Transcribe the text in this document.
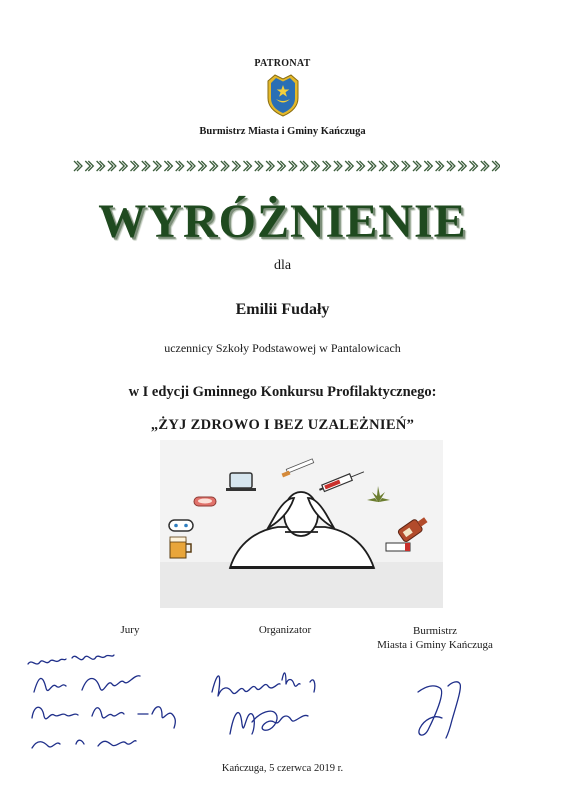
PATRONAT
Burmistrz Miasta i Gminy Kańczuga
WYRÓŻNIENIE
dla
Emilii Fudały
uczennicy Szkoły Podstawowej w Pantalowicach
w I edycji Gminnego Konkursu Profilaktycznego:
„ŻYJ ZDROWO I BEZ UZALEŻNIEŃ”
Jury	Organizator	Burmistrz
Miasta i Gminy Kańczuga
Kańczuga, 5 czerwca 2019 r.
